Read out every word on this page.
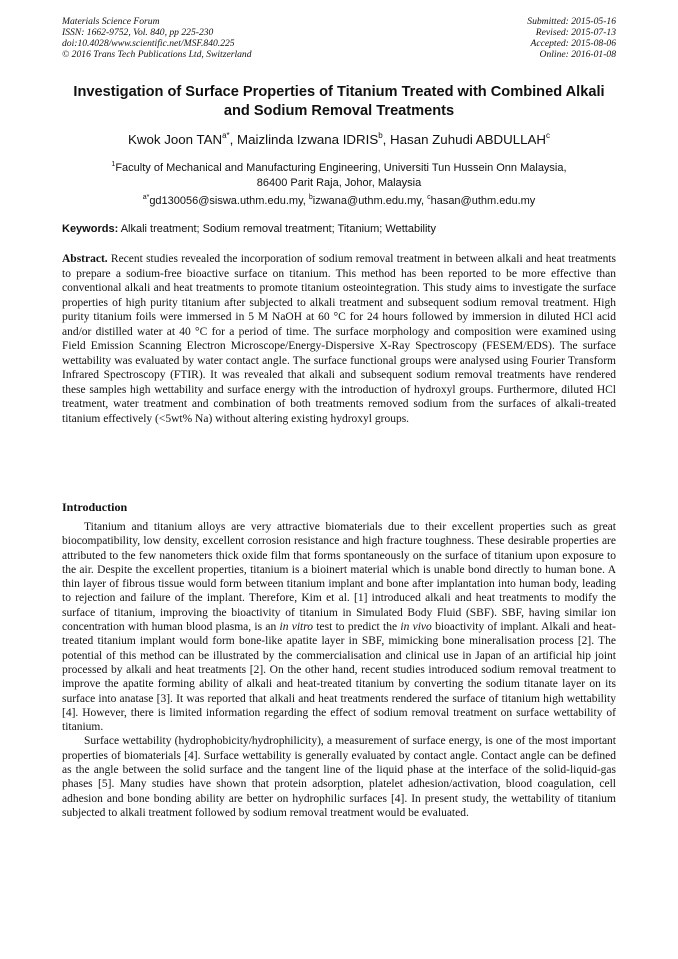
Materials Science Forum
ISSN: 1662-9752, Vol. 840, pp 225-230
doi:10.4028/www.scientific.net/MSF.840.225
© 2016 Trans Tech Publications Ltd, Switzerland
Submitted: 2015-05-16
Revised: 2015-07-13
Accepted: 2015-08-06
Online: 2016-01-08
Investigation of Surface Properties of Titanium Treated with Combined Alkali and Sodium Removal Treatments
Kwok Joon $TAN^{a*}$, Maizlinda Izwana IDRIS$^b$, Hasan Zuhudi ABDULLAH$^c$
$^1$Faculty of Mechanical and Manufacturing Engineering, Universiti Tun Hussein Onn Malaysia,
86400 Parit Raja, Johor, Malaysia
$^{a*}$gd130056@siswa.uthm.edu.my, $^b$izwana@uthm.edu.my, $^c$hasan@uthm.edu.my
Keywords: Alkali treatment; Sodium removal treatment; Titanium; Wettability

Abstract. Recent studies revealed the incorporation of sodium removal treatment in between alkali and heat treatments to prepare a sodium-free bioactive surface on titanium. This method has been reported to be more effective than conventional alkali and heat treatments to promote titanium osteointegration. This study aims to investigate the surface properties of high purity titanium after subjected to alkali treatment and subsequent sodium removal treatment. High purity titanium foils were immersed in 5 M NaOH at 60 °C for 24 hours followed by immersion in diluted HCl acid and/or distilled water at 40 °C for a period of time. The surface morphology and composition were examined using Field Emission Scanning Electron Microscope/Energy-Dispersive X-Ray Spectroscopy (FESEM/EDS). The surface wettability was evaluated by water contact angle. The surface functional groups were analysed using Fourier Transform Infrared Spectroscopy (FTIR). It was revealed that alkali and subsequent sodium removal treatments have rendered these samples high wettability and surface energy with the introduction of hydroxyl groups. Furthermore, diluted HCl treatment, water treatment and combination of both treatments removed sodium from the surfaces of alkali-treated titanium effectively (<5wt% Na) without altering existing hydroxyl groups.

Introduction

Titanium and titanium alloys are very attractive biomaterials due to their excellent properties such as great biocompatibility, low density, excellent corrosion resistance and high fracture toughness. These desirable properties are attributed to the few nanometers thick oxide film that forms spontaneously on the surface of titanium upon exposure to the air. Despite the excellent properties, titanium is a bioinert material which is unable bond directly to human bone. A thin layer of fibrous tissue would form between titanium implant and bone after implantation into human body, leading to rejection and failure of the implant. Therefore, Kim et al. [1] introduced alkali and heat treatments to modify the surface of titanium, improving the bioactivity of titanium in Simulated Body Fluid (SBF). SBF, having similar ion concentration with human blood plasma, is an in vitro test to predict the in vivo bioactivity of implant. Alkali and heat-treated titanium implant would form bone-like apatite layer in SBF, mimicking bone mineralisation process [2]. The potential of this method can be illustrated by the commercialisation and clinical use in Japan of an artificial hip joint processed by alkali and heat treatments [2]. On the other hand, recent studies introduced sodium removal treatment to improve the apatite forming ability of alkali and heat-treated titanium by converting the sodium titanate layer on its surface into anatase [3]. It was reported that alkali and heat treatments rendered the surface of titanium high wettability [4]. However, there is limited information regarding the effect of sodium removal treatment on surface wettability of titanium.

Surface wettability (hydrophobicity/hydrophilicity), a measurement of surface energy, is one of the most important properties of biomaterials [4]. Surface wettability is generally evaluated by contact angle. Contact angle can be defined as the angle between the solid surface and the tangent line of the liquid phase at the interface of the solid-liquid-gas phases [5]. Many studies have shown that protein adsorption, platelet adhesion/activation, blood coagulation, cell adhesion and bone bonding ability are better on hydrophilic surfaces [4]. In present study, the wettability of titanium subjected to alkali treatment followed by sodium removal treatment would be evaluated.
